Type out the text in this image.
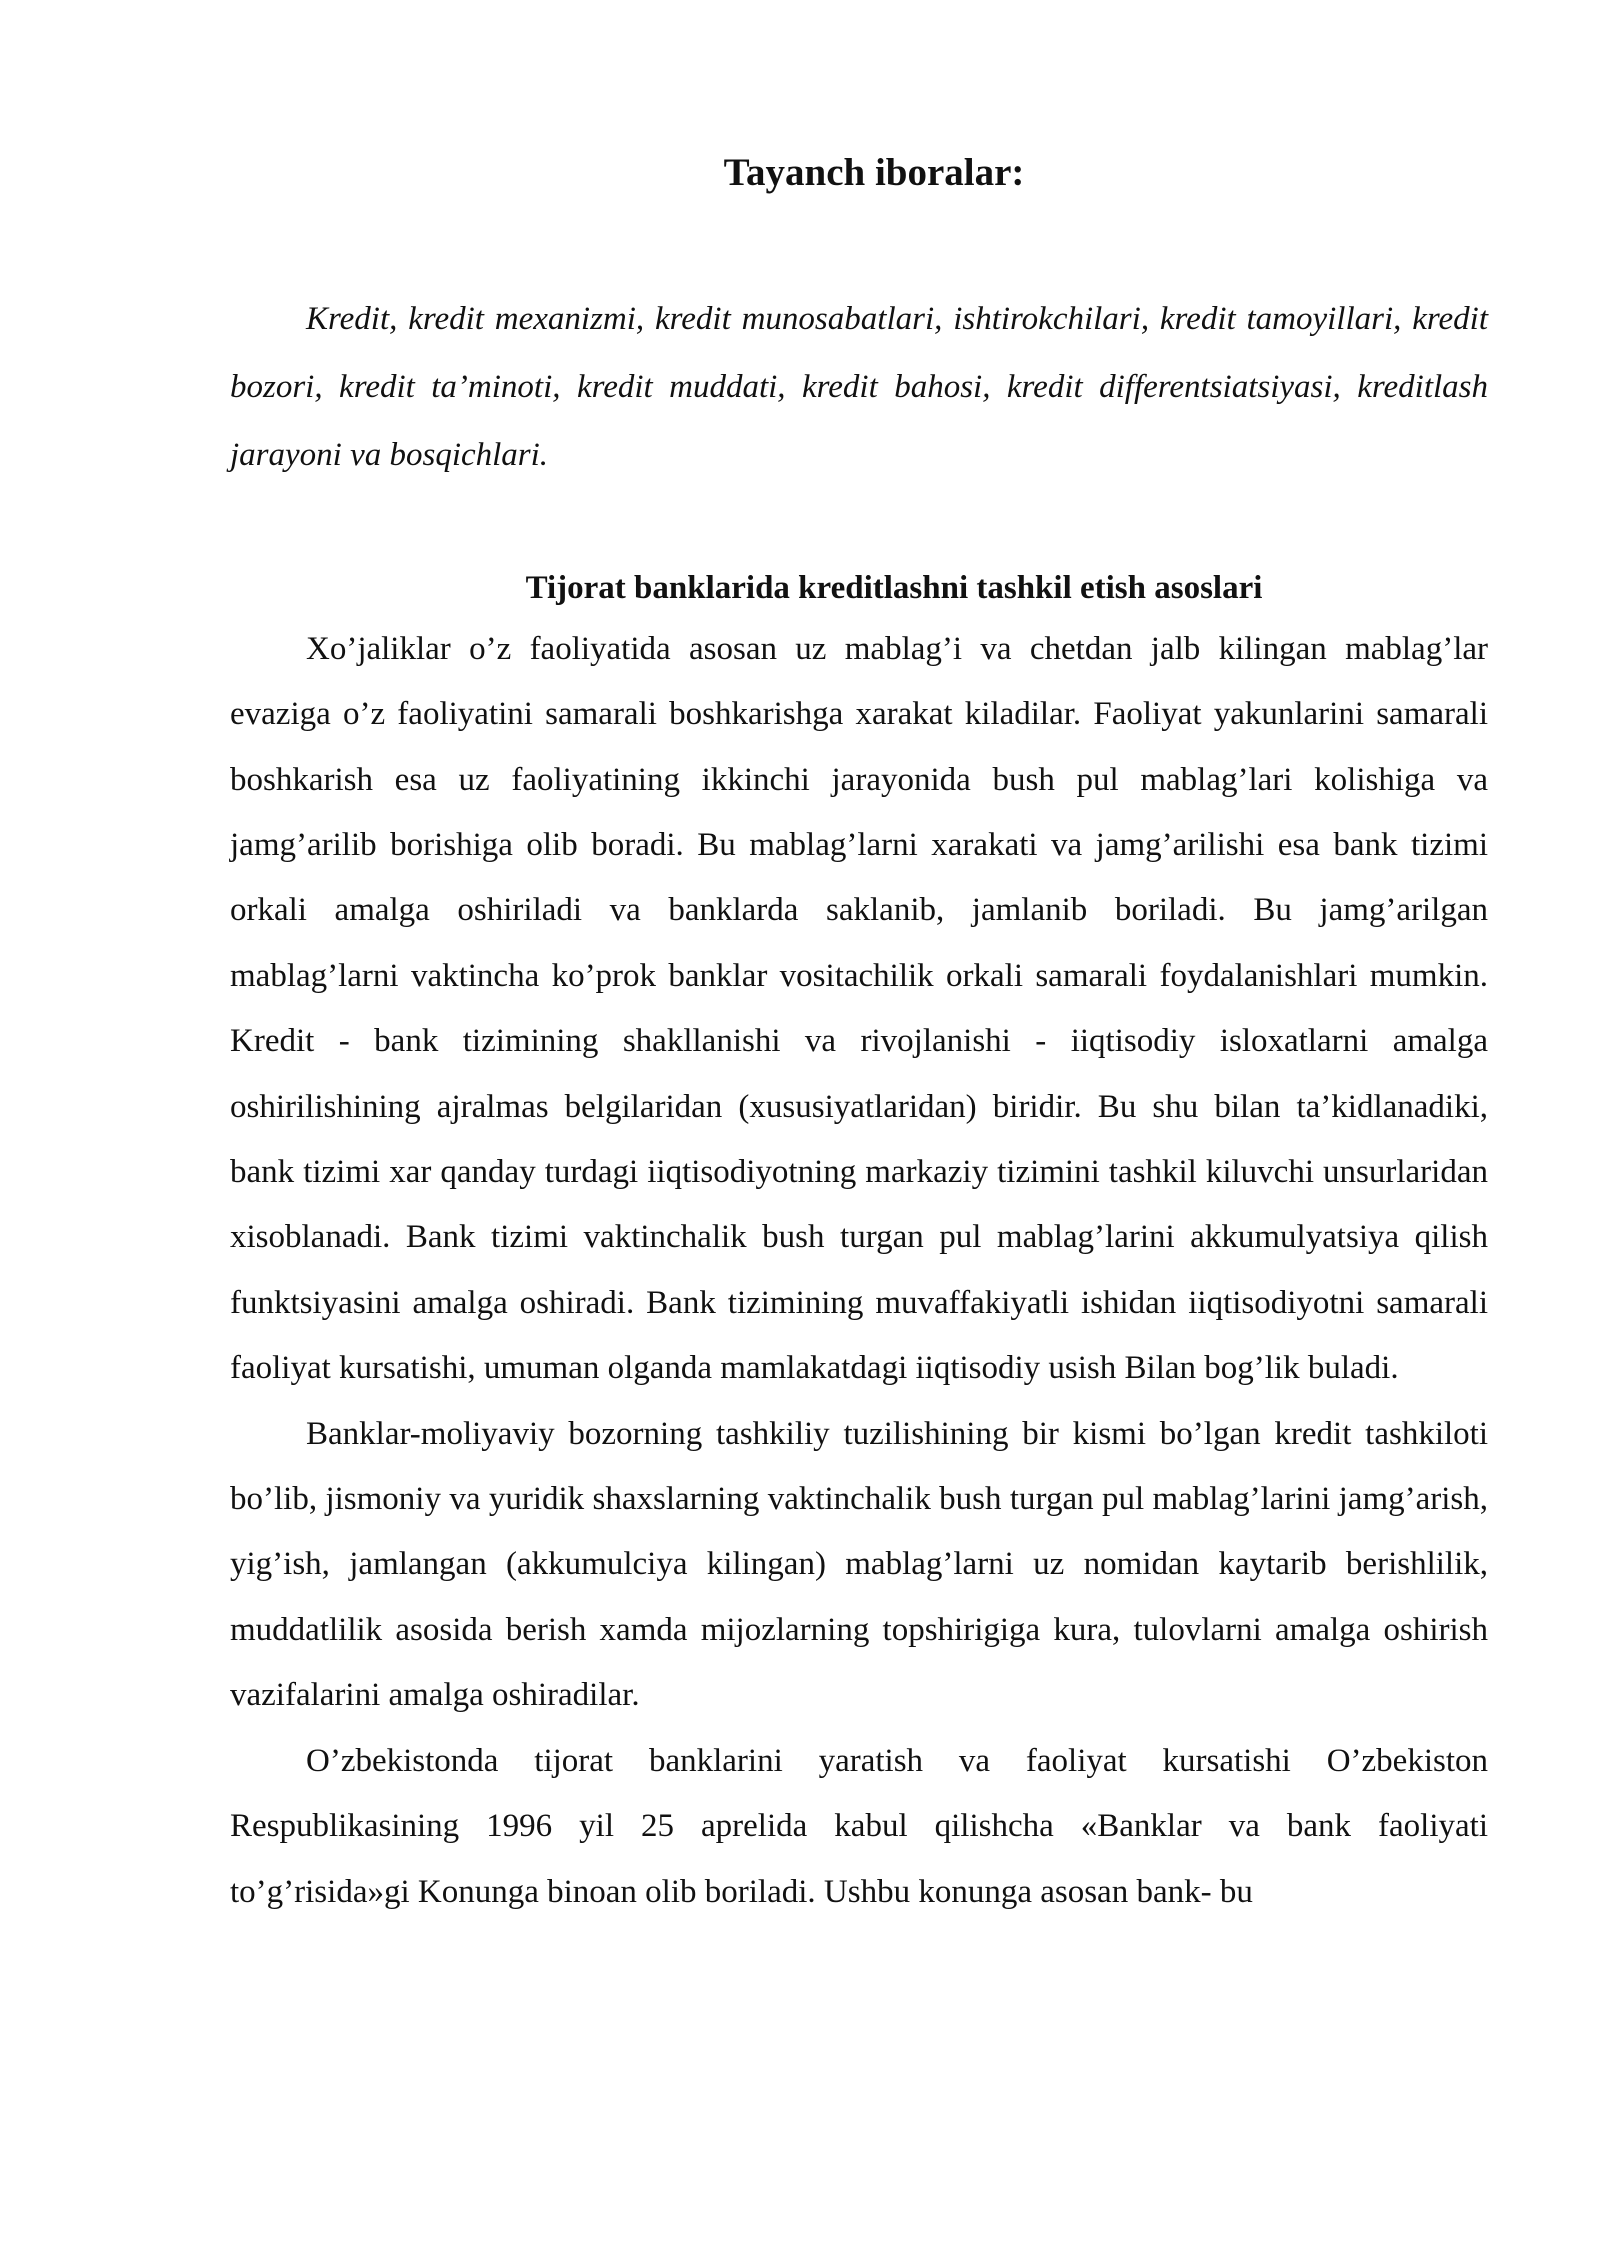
Tayanch iboralar:

Kredit, kredit mexanizmi, kredit munosabatlari, ishtirokchilari, kredit tamoyillari, kredit bozori, kredit ta’minoti, kredit muddati, kredit bahosi, kredit differentsiatsiyasi, kreditlash jarayoni va bosqichlari.

Tijorat banklarida kreditlashni tashkil etish asoslari

Xo’jaliklar o’z faoliyatida asosan uz mablag’i va chetdan jalb kilingan mablag’lar evaziga o’z faoliyatini samarali boshkarishga xarakat kiladilar. Faoliyat yakunlarini samarali boshkarish esa uz faoliyatining ikkinchi jarayonida bush pul mablag’lari kolishiga va jamg’arilib borishiga olib boradi. Bu mablag’larni xarakati va jamg’arilishi esa bank tizimi orkali amalga oshiriladi va banklarda saklanib, jamlanib boriladi. Bu jamg’arilgan mablag’larni vaktincha ko’prok banklar vositachilik orkali samarali foydalanishlari mumkin. Kredit - bank tizimining shakllanishi va rivojlanishi - iiqtisodiy isloxatlarni amalga oshirilishining ajralmas belgilaridan (xususiyatlaridan) biridir. Bu shu bilan ta’kidlanadiki, bank tizimi xar qanday turdagi iiqtisodiyotning markaziy tizimini tashkil kiluvchi unsurlaridan xisoblanadi. Bank tizimi vaktinchalik bush turgan pul mablag’larini akkumulyatsiya qilish funktsiyasini amalga oshiradi. Bank tizimining muvaffakiyatli ishidan iiqtisodiyotni samarali faoliyat kursatishi, umuman olganda mamlakatdagi iiqtisodiy usish Bilan bog’lik buladi.

Banklar-moliyaviy bozorning tashkiliy tuzilishining bir kismi bo’lgan kredit tashkiloti bo’lib, jismoniy va yuridik shaxslarning vaktinchalik bush turgan pul mablag’larini jamg’arish, yig’ish, jamlangan (akkumulciya kilingan) mablag’larni uz nomidan kaytarib berishlilik, muddatlilik asosida berish xamda mijozlarning topshirigiga kura, tulovlarni amalga oshirish vazifalarini amalga oshiradilar.

O’zbekistonda tijorat banklarini yaratish va faoliyat kursatishi O’zbekiston Respublikasining 1996 yil 25 aprelida kabul qilishcha «Banklar va bank faoliyati to’g’risida»gi Konunga binoan olib boriladi. Ushbu konunga asosan bank- bu
